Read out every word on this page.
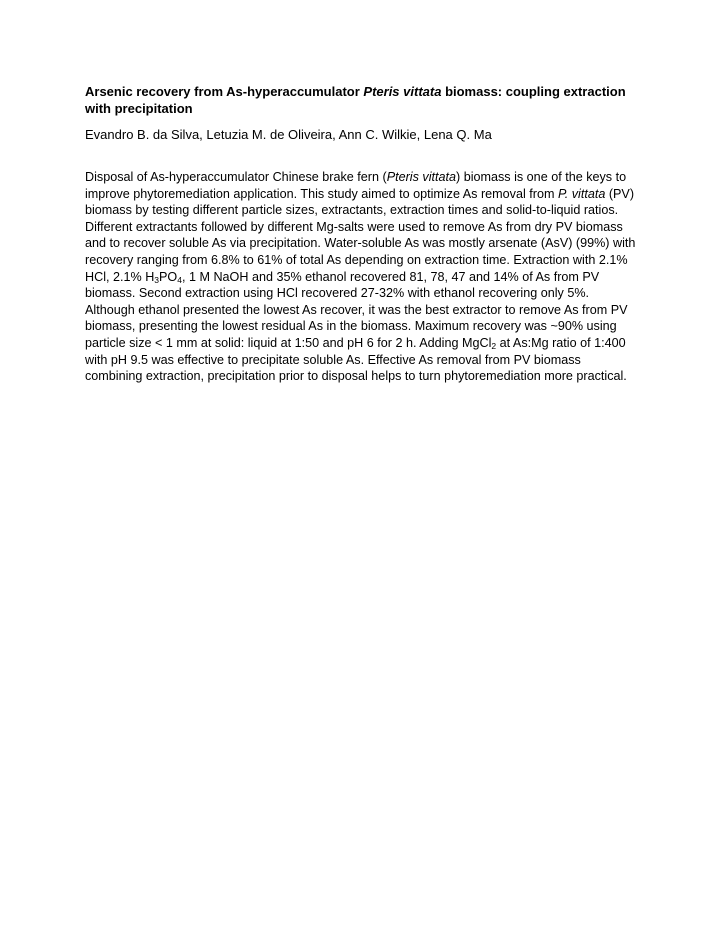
Arsenic recovery from As-hyperaccumulator Pteris vittata biomass: coupling extraction with precipitation

Evandro B. da Silva, Letuzia M. de Oliveira, Ann C. Wilkie, Lena Q. Ma

Disposal of As-hyperaccumulator Chinese brake fern (Pteris vittata) biomass is one of the keys to improve phytoremediation application. This study aimed to optimize As removal from P. vittata (PV) biomass by testing different particle sizes, extractants, extraction times and solid-to-liquid ratios. Different extractants followed by different Mg-salts were used to remove As from dry PV biomass and to recover soluble As via precipitation. Water-soluble As was mostly arsenate (AsV) (99%) with recovery ranging from 6.8% to 61% of total As depending on extraction time. Extraction with 2.1% HCl, 2.1% $H_3PO_4$, 1 M NaOH and 35% ethanol recovered 81, 78, 47 and 14% of As from PV biomass. Second extraction using HCl recovered 27-32% with ethanol recovering only 5%. Although ethanol presented the lowest As recover, it was the best extractor to remove As from PV biomass, presenting the lowest residual As in the biomass. Maximum recovery was ~90% using particle size < 1 mm at solid: liquid at 1:50 and pH 6 for 2 h. Adding MgCl$_2$ at As:Mg ratio of 1:400 with pH 9.5 was effective to precipitate soluble As. Effective As removal from PV biomass combining extraction, precipitation prior to disposal helps to turn phytoremediation more practical.
